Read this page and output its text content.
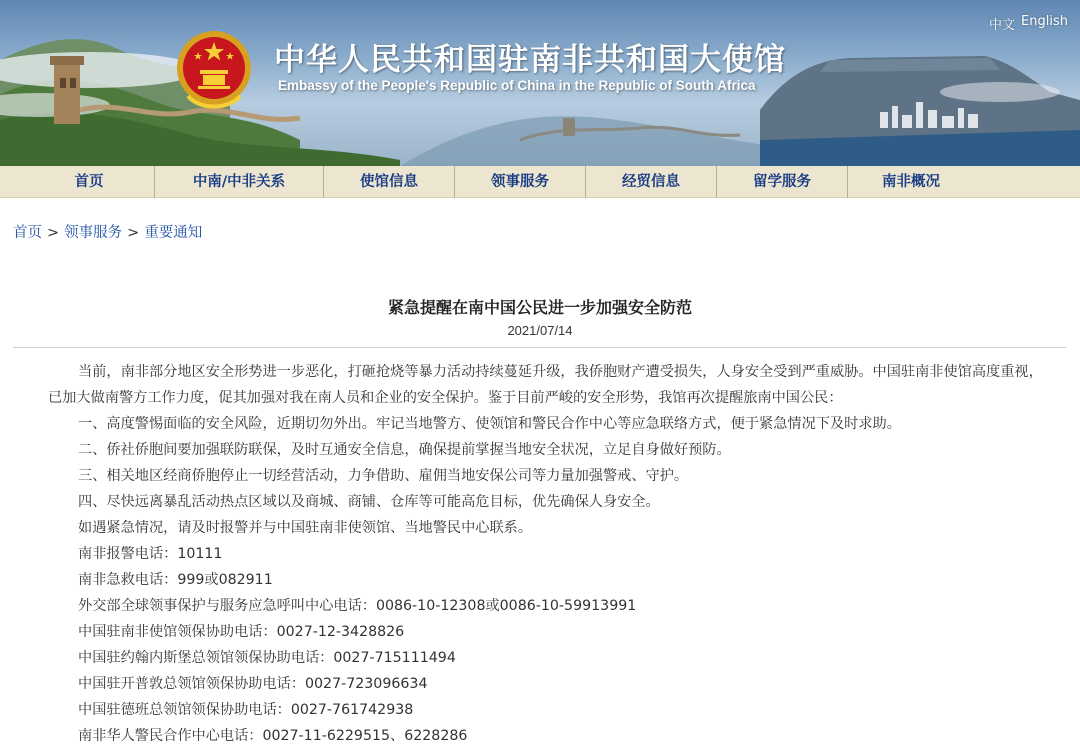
中文 English
中华人民共和国驻南非共和国大使馆
Embassy of the People's Republic of China in the Republic of South Africa
首页	中南/中非关系	使馆信息	领事服务	经贸信息	留学服务	南非概况
首页 > 领事服务 > 重要通知
紧急提醒在南中国公民进一步加强安全防范
2021/07/14

当前，南非部分地区安全形势进一步恶化，打砸抢烧等暴力活动持续蔓延升级，我侨胞财产遭受损失，人身安全受到严重威胁。中国驻南非使馆高度重视，已加大做南警方工作力度，促其加强对我在南人员和企业的安全保护。鉴于目前严峻的安全形势，我馆再次提醒旅南中国公民：

一、高度警惕面临的安全风险，近期切勿外出。牢记当地警方、使领馆和警民合作中心等应急联络方式，便于紧急情况下及时求助。

二、侨社侨胞间要加强联防联保，及时互通安全信息，确保提前掌握当地安全状况，立足自身做好预防。

三、相关地区经商侨胞停止一切经营活动，力争借助、雇佣当地安保公司等力量加强警戒、守护。

四、尽快远离暴乱活动热点区域以及商城、商铺、仓库等可能高危目标，优先确保人身安全。

如遇紧急情况，请及时报警并与中国驻南非使领馆、当地警民中心联系。

南非报警电话：10111

南非急救电话：999或082911

外交部全球领事保护与服务应急呼叫中心电话：0086-10-12308或0086-10-59913991

中国驻南非使馆领保协助电话：0027-12-3428826

中国驻约翰内斯堡总领馆领保协助电话：0027-715111494

中国驻开普敦总领馆领保协助电话：0027-723096634

中国驻德班总领馆领保协助电话：0027-761742938

南非华人警民合作中心电话：0027-11-6229515、6228286
